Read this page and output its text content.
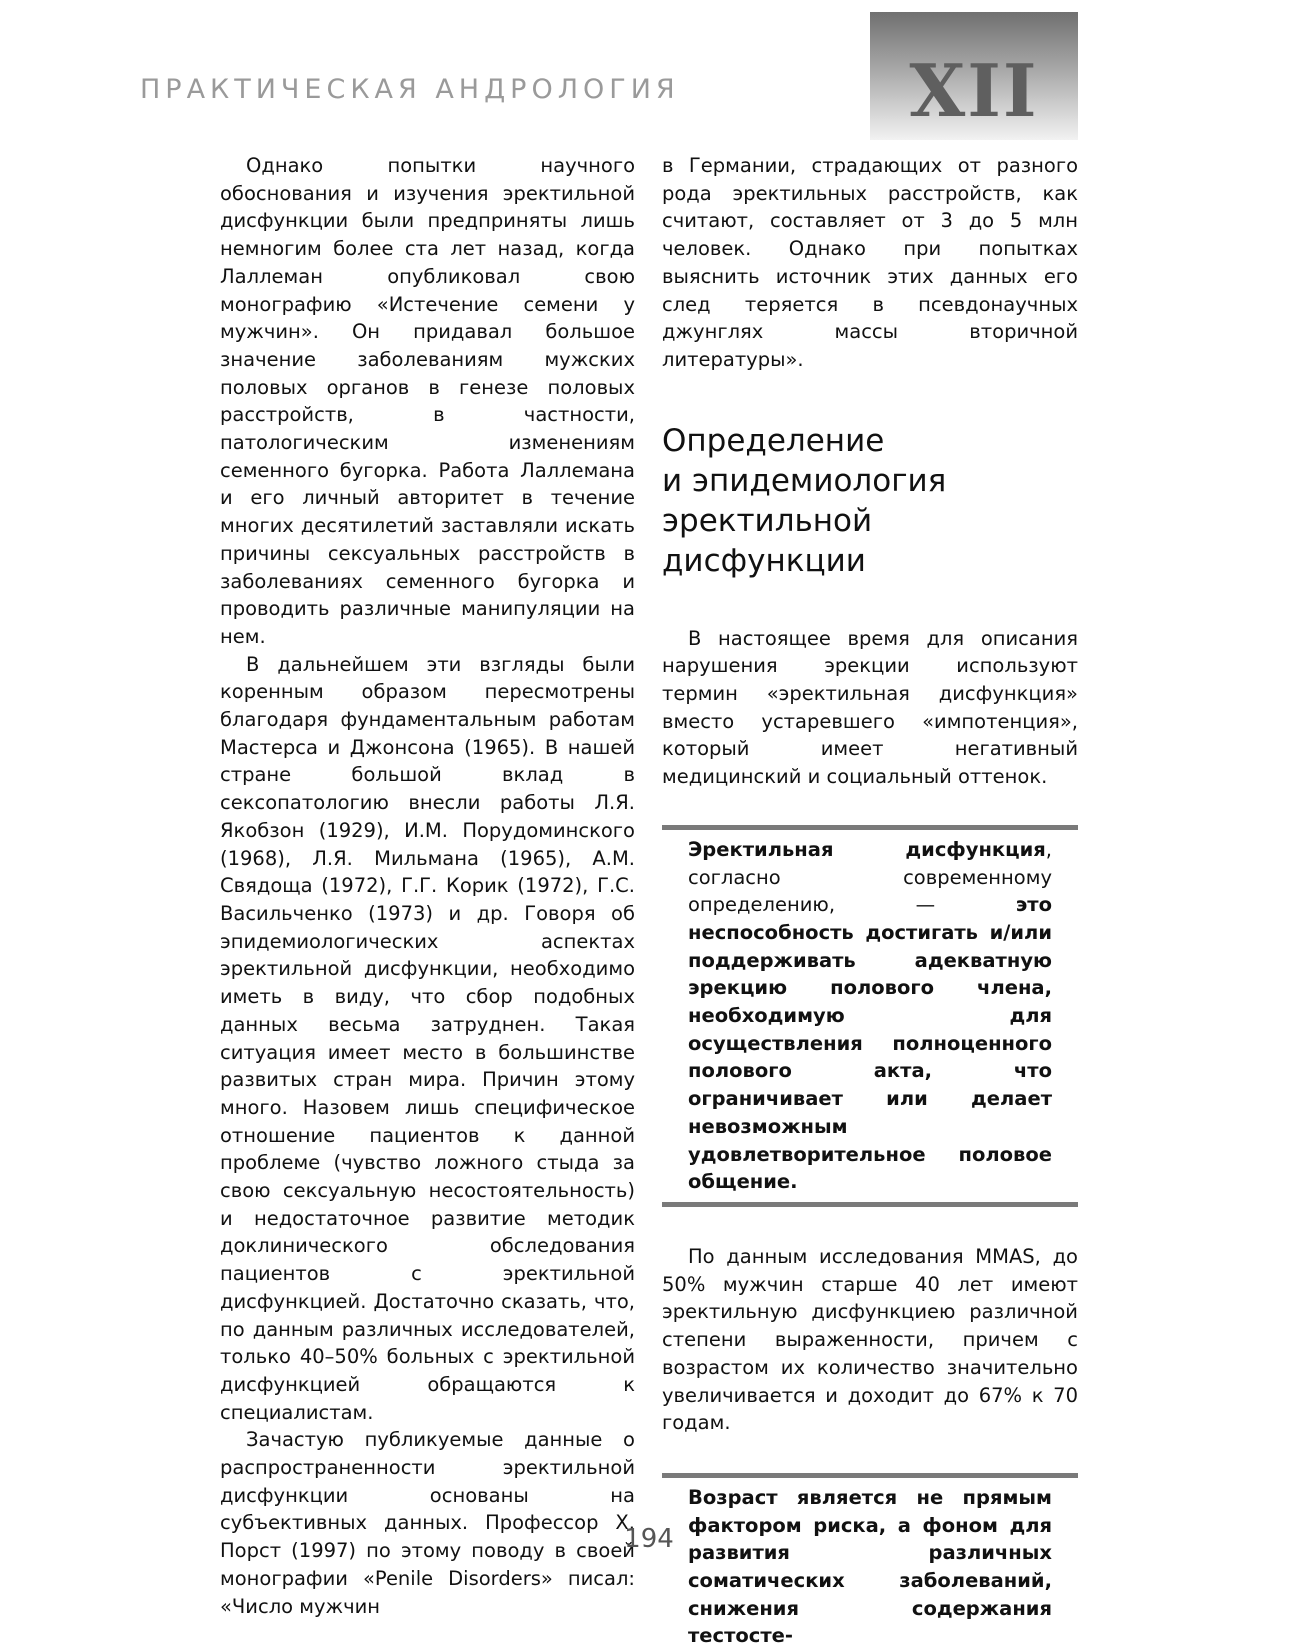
ПРАКТИЧЕСКАЯ АНДРОЛОГИЯ	XII

Однако попытки научного обоснования и изучения эректильной дисфункции были предприняты лишь немногим более ста лет назад, когда Лаллеман опубликовал свою монографию «Истечение семени у мужчин». Он придавал большое значение заболеваниям мужских половых органов в генезе половых расстройств, в частности, патологическим изменениям семенного бугорка. Работа Лаллемана и его личный авторитет в течение многих десятилетий заставляли искать причины сексуальных расстройств в заболеваниях семенного бугорка и проводить различные манипуляции на нем.

В дальнейшем эти взгляды были коренным образом пересмотрены благодаря фундаментальным работам Мастерса и Джонсона (1965). В нашей стране большой вклад в сексопатологию внесли работы Л.Я. Якобзон (1929), И.М. Порудоминского (1968), Л.Я. Мильмана (1965), А.М. Свядоща (1972), Г.Г. Корик (1972), Г.С. Васильченко (1973) и др. Говоря об эпидемиологических аспектах эректильной дисфункции, необходимо иметь в виду, что сбор подобных данных весьма затруднен. Такая ситуация имеет место в большинстве развитых стран мира. Причин этому много. Назовем лишь специфическое отношение пациентов к данной проблеме (чувство ложного стыда за свою сексуальную несостоятельность) и недостаточное развитие методик доклинического обследования пациентов с эректильной дисфункцией. Достаточно сказать, что, по данным различных исследователей, только 40–50% больных с эректильной дисфункцией обращаются к специалистам.

Зачастую публикуемые данные о распространенности эректильной дисфункции основаны на субъективных данных. Профессор Х. Порст (1997) по этому поводу в своей монографии «Penile Disorders» писал: «Число мужчин

в Германии, страдающих от разного рода эректильных расстройств, как считают, составляет от 3 до 5 млн человек. Однако при попытках выяснить источник этих данных его след теряется в псевдонаучных джунглях массы вторичной литературы».

Определение
и эпидемиология
эректильной дисфункции

В настоящее время для описания нарушения эрекции используют термин «эректильная дисфункция» вместо устаревшего «импотенция», который имеет негативный медицинский и социальный оттенок.

Эректильная дисфункция, согласно современному определению, — это неспособность достигать и/или поддерживать адекватную эрекцию полового члена, необходимую для осуществления полноценного полового акта, что ограничивает или делает невозможным удовлетворительное половое общение.

По данным исследования MMAS, до 50% мужчин старше 40 лет имеют эректильную дисфункциею различной степени выраженности, причем с возрастом их количество значительно увеличивается и доходит до 67% к 70 годам.

Возраст является не прямым фактором риска, а фоном для развития различных соматических заболеваний, снижения содержания тестосте-

194
